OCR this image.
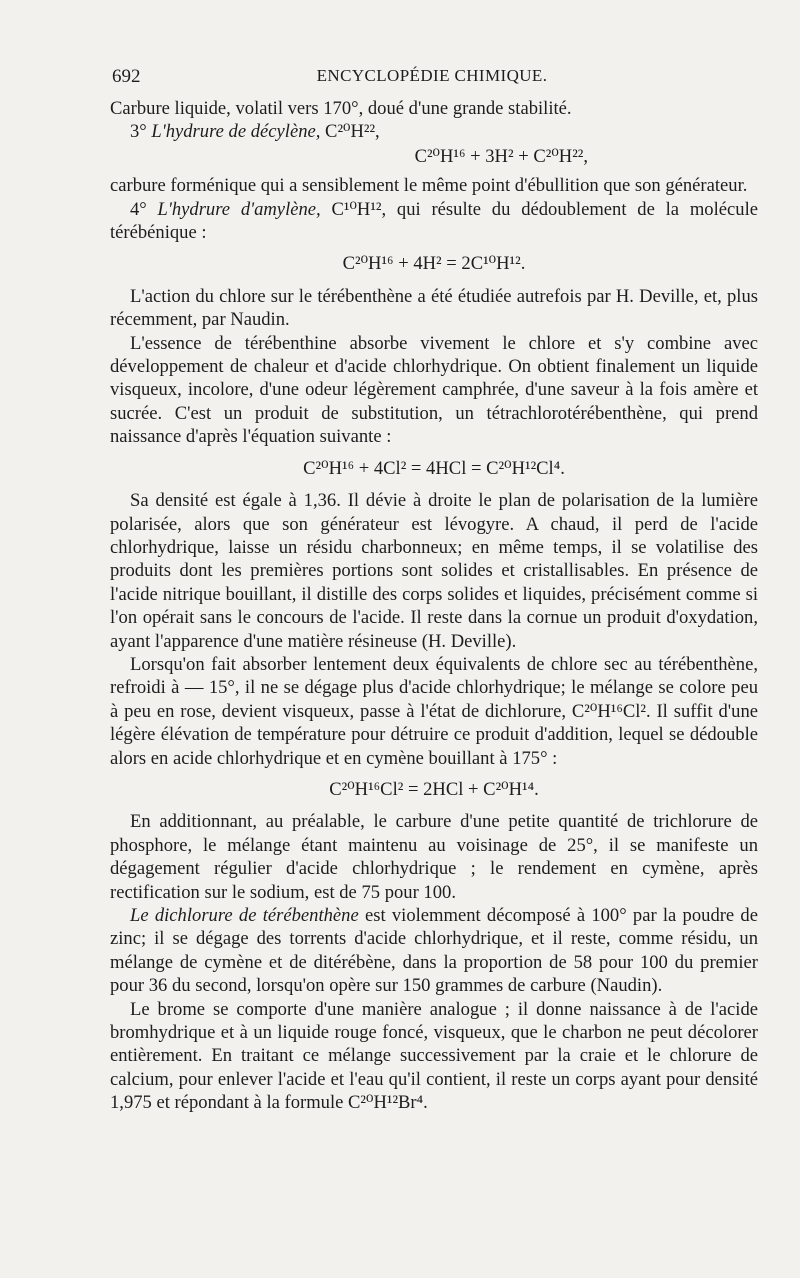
692	ENCYCLOPÉDIE CHIMIQUE.

Carbure liquide, volatil vers 170°, doué d'une grande stabilité.

3° L'hydrure de décylène, C²⁰H²²,

C²⁰H¹⁶ + 3H² + C²⁰H²²,

carbure forménique qui a sensiblement le même point d'ébullition que son générateur.

4° L'hydrure d'amylène, C¹⁰H¹², qui résulte du dédoublement de la molécule térébénique :

C²⁰H¹⁶ + 4H² = 2C¹⁰H¹².

L'action du chlore sur le térébenthène a été étudiée autrefois par H. Deville, et, plus récemment, par Naudin.

L'essence de térébenthine absorbe vivement le chlore et s'y combine avec développement de chaleur et d'acide chlorhydrique. On obtient finalement un liquide visqueux, incolore, d'une odeur légèrement camphrée, d'une saveur à la fois amère et sucrée. C'est un produit de substitution, un tétrachlorotérébenthène, qui prend naissance d'après l'équation suivante :

C²⁰H¹⁶ + 4Cl² = 4HCl = C²⁰H¹²Cl⁴.

Sa densité est égale à 1,36. Il dévie à droite le plan de polarisation de la lumière polarisée, alors que son générateur est lévogyre. A chaud, il perd de l'acide chlorhydrique, laisse un résidu charbonneux; en même temps, il se volatilise des produits dont les premières portions sont solides et cristallisables. En présence de l'acide nitrique bouillant, il distille des corps solides et liquides, précisément comme si l'on opérait sans le concours de l'acide. Il reste dans la cornue un produit d'oxydation, ayant l'apparence d'une matière résineuse (H. Deville).

Lorsqu'on fait absorber lentement deux équivalents de chlore sec au térébenthène, refroidi à — 15°, il ne se dégage plus d'acide chlorhydrique; le mélange se colore peu à peu en rose, devient visqueux, passe à l'état de dichlorure, C²⁰H¹⁶Cl². Il suffit d'une légère élévation de température pour détruire ce produit d'addition, lequel se dédouble alors en acide chlorhydrique et en cymène bouillant à 175° :

C²⁰H¹⁶Cl² = 2HCl + C²⁰H¹⁴.

En additionnant, au préalable, le carbure d'une petite quantité de trichlorure de phosphore, le mélange étant maintenu au voisinage de 25°, il se manifeste un dégagement régulier d'acide chlorhydrique ; le rendement en cymène, après rectification sur le sodium, est de 75 pour 100.

Le dichlorure de térébenthène est violemment décomposé à 100° par la poudre de zinc; il se dégage des torrents d'acide chlorhydrique, et il reste, comme résidu, un mélange de cymène et de ditérébène, dans la proportion de 58 pour 100 du premier pour 36 du second, lorsqu'on opère sur 150 grammes de carbure (Naudin).

Le brome se comporte d'une manière analogue ; il donne naissance à de l'acide bromhydrique et à un liquide rouge foncé, visqueux, que le charbon ne peut décolorer entièrement. En traitant ce mélange successivement par la craie et le chlorure de calcium, pour enlever l'acide et l'eau qu'il contient, il reste un corps ayant pour densité 1,975 et répondant à la formule C²⁰H¹²Br⁴.
